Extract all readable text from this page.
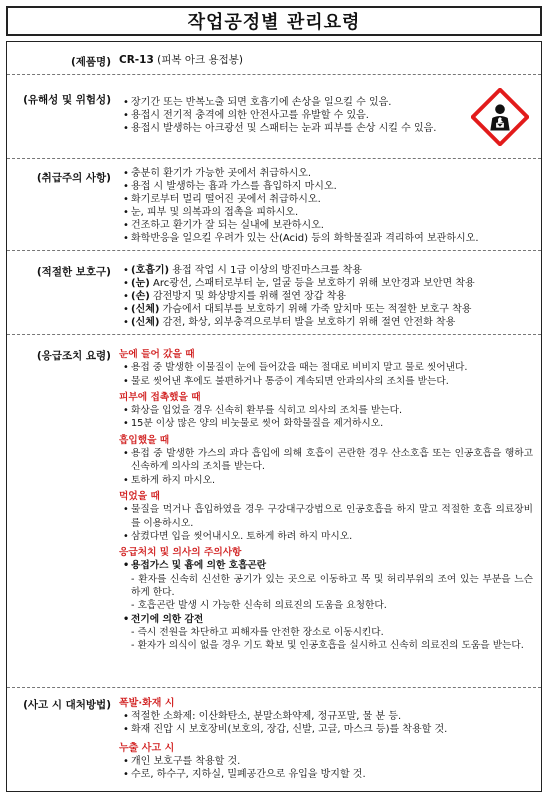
작업공정별 관리요령
(제품명) CR-13 (피복 아크 용접봉)
(유해성 및 위험성)	• 장기간 또는 반복노출 되면 호흡기에 손상을 일으킬 수 있음.
• 용접시 전기적 충격에 의한 안전사고를 유발할 수 있음.
• 용접시 발생하는 아크광선 및 스패터는 눈과 피부를 손상 시킬 수 있음.
(취급주의 사항)	• 충분히 환기가 가능한 곳에서 취급하시오.
• 용접 시 발생하는 흄과 가스를 흡입하지 마시오.
• 화기로부터 멀리 떨어진 곳에서 취급하시오.
• 눈, 피부 및 의복과의 접촉을 피하시오.
• 건조하고 환기가 잘 되는 실내에 보관하시오.
• 화학반응을 일으킬 우려가 있는 산(Acid) 등의 화학물질과 격리하여 보관하시오.
(적절한 보호구)	• (호흡기) 용접 작업 시 1급 이상의 방진마스크를 착용
• (눈) Arc광선, 스패터로부터 눈, 얼굴 등을 보호하기 위해 보안경과 보안면 착용
• (손) 감전방지 및 화상방지를 위해 절연 장갑 착용
• (신체) 가슴에서 대퇴부를 보호하기 위해 가죽 앞치마 또는 적절한 보호구 착용
• (신체) 감전, 화상, 외부충격으로부터 발을 보호하기 위해 절연 안전화 착용
(응급조치 요령) 눈에 들어 갔을 때
• 용접 중 발생한 이물질이 눈에 들어갔을 때는 절대로 비비지 말고 물로 씻어낸다.
• 물로 씻어낸 후에도 불편하거나 통증이 계속되면 안과의사의 조치를 받는다.
피부에 접촉했을 때
• 화상을 입었을 경우 신속히 환부를 식히고 의사의 조치를 받는다.
• 15분 이상 많은 양의 비눗물로 씻어 화학물질을 제거하시오.
흡입했을 때
• 용접 중 발생한 가스의 과다 흡입에 의해 호흡이 곤란한 경우 산소호흡 또는 인공호흡을 행하고 신속하게 의사의 조치를 받는다.
• 토하게 하지 마시오.
먹었을 때
• 물질을 먹거나 흡입하였을 경우 구강대구강법으로 인공호흡을 하지 말고 적절한 호흡 의료장비를 이용하시오.
• 삼켰다면 입을 씻어내시오. 토하게 하려 하지 마시오.
응급처치 및 의사의 주의사항
• 용접가스 및 흄에 의한 호흡곤란
- 환자를 신속히 신선한 공기가 있는 곳으로 이동하고 목 및 허리부위의 조여 있는 부분을 느슨하게 한다.
- 호흡곤란 발생 시 가능한 신속히 의료진의 도움을 요청한다.
• 전기에 의한 감전
- 즉시 전원을 차단하고 피해자를 안전한 장소로 이동시킨다.
- 환자가 의식이 없을 경우 기도 확보 및 인공호흡을 실시하고 신속히 의료진의 도움을 받는다.
(사고 시 대처방법) 폭발·화재 시
• 적절한 소화제: 이산화탄소, 분말소화약제, 정규포말, 물 분 등.
• 화재 진압 시 보호장비(보호의, 장갑, 신발, 고글, 마스크 등)를 착용할 것.
누출 사고 시
• 개인 보호구를 착용할 것.
• 수로, 하수구, 지하실, 밀폐공간으로 유입을 방지할 것.
